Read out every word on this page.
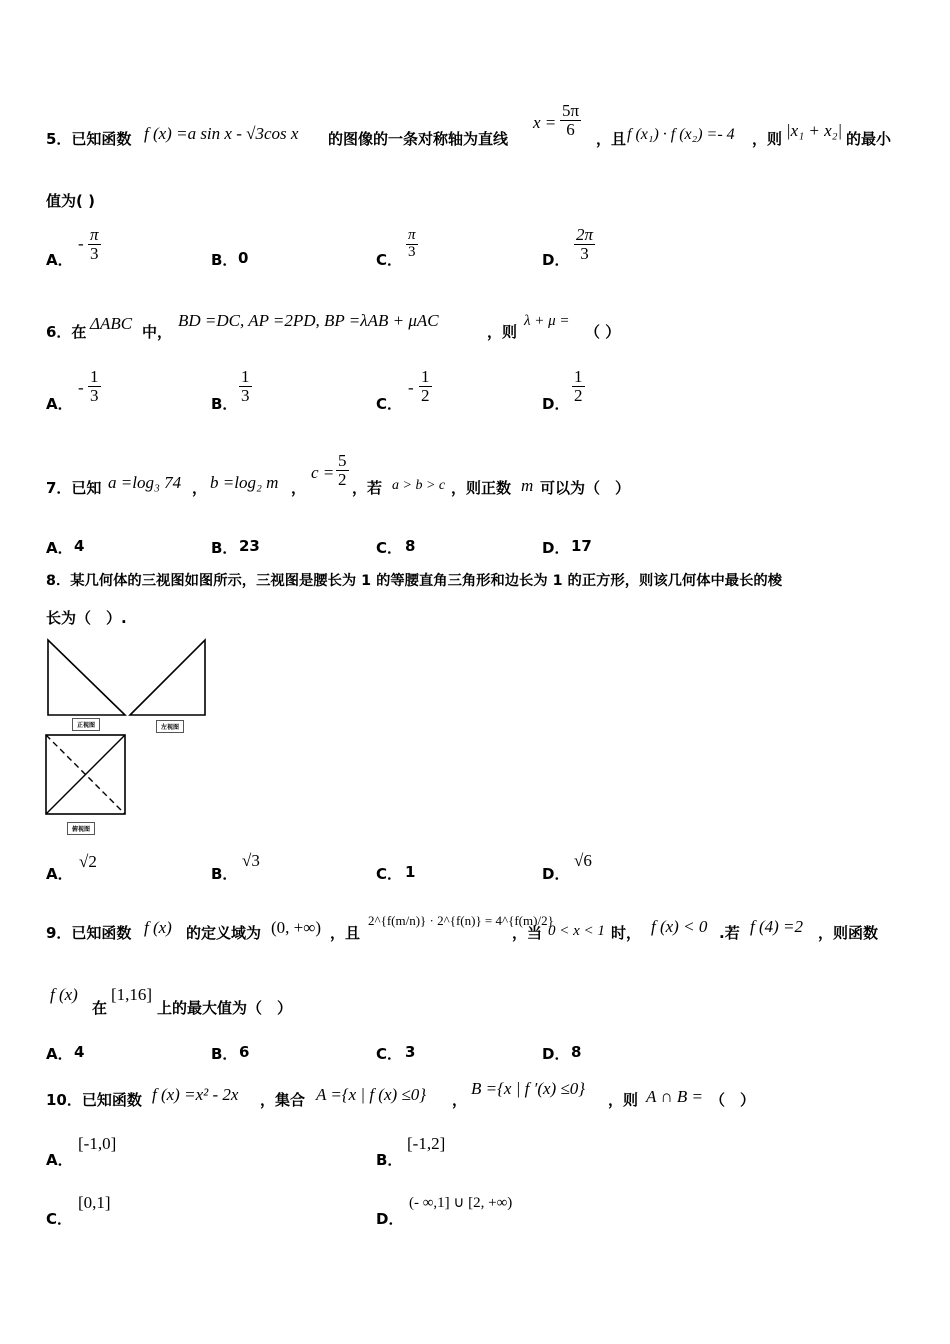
5．已知函数 f (x) =a sin x - √3cos x 的图像的一条对称轴为直线
x =
5π
6
，且 f (x₁) · f (x₂) =- 4 ，则 |x₁ + x₂| 的最小
值为( )
A．
- π
3	B． 0	C．
π
3	D．
2π
3
6．在 ΔABC 中，
BD =DC, AP =2PD, BP =λAB + μAC
，则
λ + μ =
（ ）
A．
-
1
3	B．
1
3	C．
-
1
2	D．
1
2
7．已知 a =log₃ 74 ， b =log₂ m ，
c =
5
2 ，若 a > b > c ，则正数 m 可以为（　）
A． 4	B． 23	C． 8	D． 17
8．某几何体的三视图如图所示，三视图是腰长为 1 的等腰直角三角形和边长为 1 的正方形，则该几何体中最长的棱
长为（　）.
正视图	左视图
俯视图
A．
√2
B．
√3
C． 1	D．
√6
9．已知函数 f (x) 的定义域为 (0, +∞) ，且
2^{f(m/n)} · 2^{f(n)} = 4^{f(m)/2}
，当 0 < x < 1 时， f (x) < 0 .若 f (4) =2 ，则函数
f (x)
在
[1,16]
上的最大值为（　）
A． 4	B． 6	C． 3	D． 8
10．已知函数 f (x) =x² - 2x ，集合 A ={x | f (x) ≤0} ，
B ={x | f ′(x) ≤0}
，则 A ∩ B = （　）
A．
[-1,0]
B．
[-1,2]
C．
[0,1]
D．
(- ∞,1] ∪ [2, +∞)
